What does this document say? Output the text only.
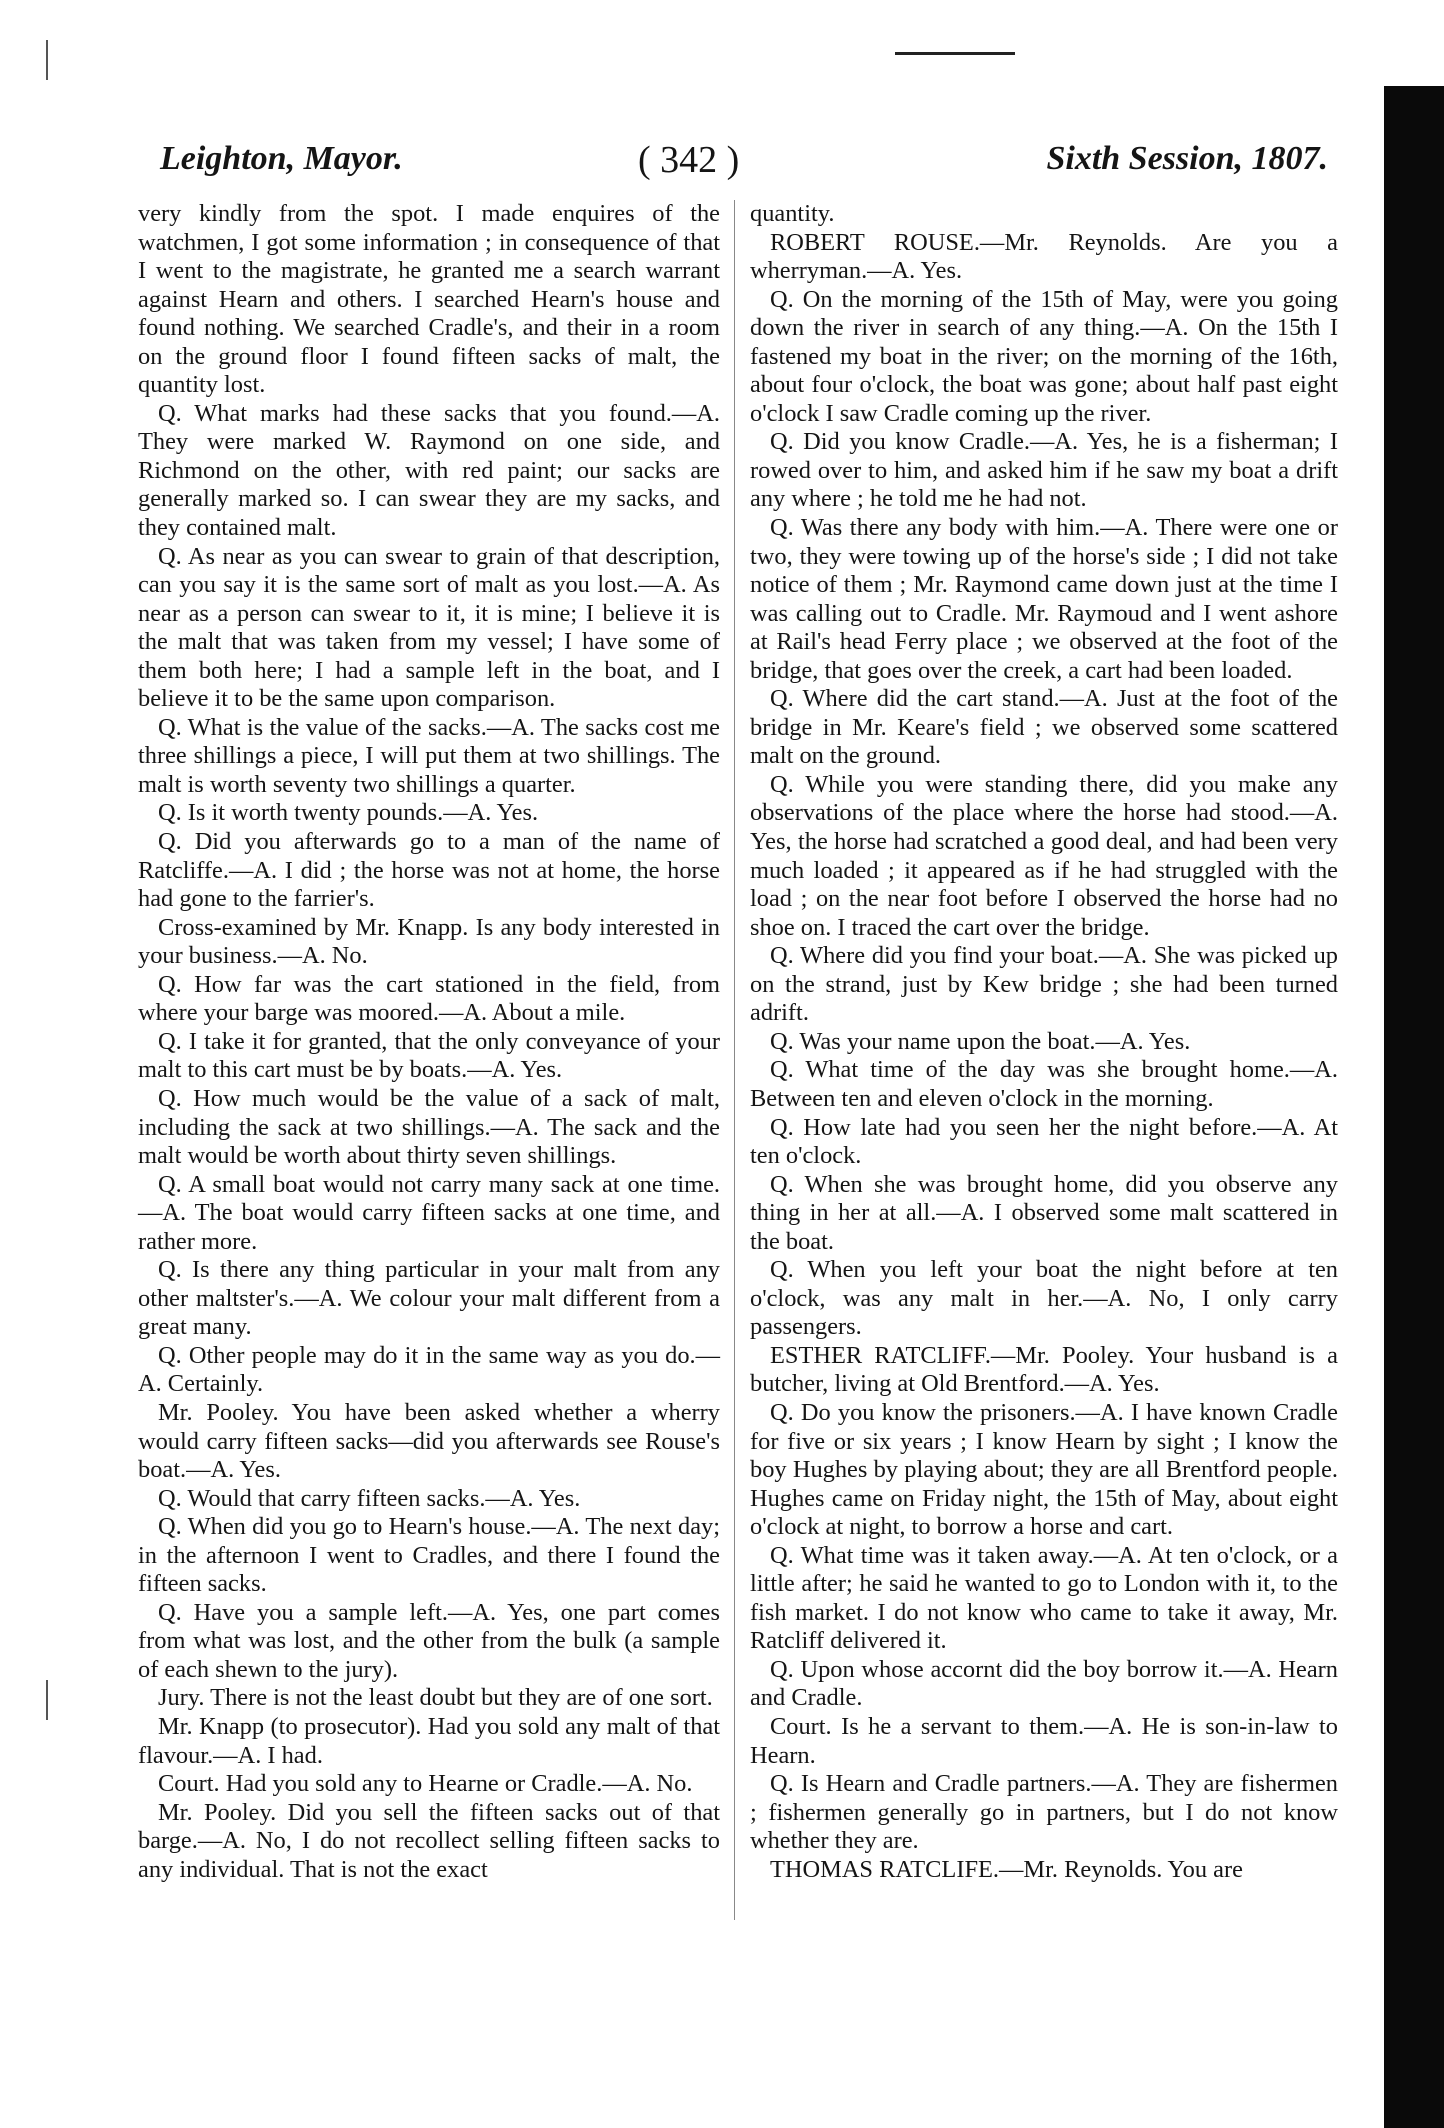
Leighton, Mayor.	( 342 )	Sixth Session, 1807.

very kindly from the spot. I made enquires of the watchmen, I got some information ; in consequence of that I went to the magistrate, he granted me a search warrant against Hearn and others. I searched Hearn's house and found nothing. We searched Cradle's, and their in a room on the ground floor I found fifteen sacks of malt, the quantity lost.

Q. What marks had these sacks that you found.—A. They were marked W. Raymond on one side, and Richmond on the other, with red paint; our sacks are generally marked so. I can swear they are my sacks, and they contained malt.

Q. As near as you can swear to grain of that description, can you say it is the same sort of malt as you lost.—A. As near as a person can swear to it, it is mine; I believe it is the malt that was taken from my vessel; I have some of them both here; I had a sample left in the boat, and I believe it to be the same upon comparison.

Q. What is the value of the sacks.—A. The sacks cost me three shillings a piece, I will put them at two shillings. The malt is worth seventy two shillings a quarter.

Q. Is it worth twenty pounds.—A. Yes.

Q. Did you afterwards go to a man of the name of Ratcliffe.—A. I did ; the horse was not at home, the horse had gone to the farrier's.

Cross-examined by Mr. Knapp. Is any body interested in your business.—A. No.

Q. How far was the cart stationed in the field, from where your barge was moored.—A. About a mile.

Q. I take it for granted, that the only conveyance of your malt to this cart must be by boats.—A. Yes.

Q. How much would be the value of a sack of malt, including the sack at two shillings.—A. The sack and the malt would be worth about thirty seven shillings.

Q. A small boat would not carry many sack at one time.—A. The boat would carry fifteen sacks at one time, and rather more.

Q. Is there any thing particular in your malt from any other maltster's.—A. We colour your malt different from a great many.

Q. Other people may do it in the same way as you do.—A. Certainly.

Mr. Pooley. You have been asked whether a wherry would carry fifteen sacks—did you afterwards see Rouse's boat.—A. Yes.

Q. Would that carry fifteen sacks.—A. Yes.

Q. When did you go to Hearn's house.—A. The next day; in the afternoon I went to Cradles, and there I found the fifteen sacks.

Q. Have you a sample left.—A. Yes, one part comes from what was lost, and the other from the bulk (a sample of each shewn to the jury).

Jury. There is not the least doubt but they are of one sort.

Mr. Knapp (to prosecutor). Had you sold any malt of that flavour.—A. I had.

Court. Had you sold any to Hearne or Cradle.—A. No.

Mr. Pooley. Did you sell the fifteen sacks out of that barge.—A. No, I do not recollect selling fifteen sacks to any individual. That is not the exact

quantity.

ROBERT ROUSE.—Mr. Reynolds. Are you a wherryman.—A. Yes.

Q. On the morning of the 15th of May, were you going down the river in search of any thing.—A. On the 15th I fastened my boat in the river; on the morning of the 16th, about four o'clock, the boat was gone; about half past eight o'clock I saw Cradle coming up the river.

Q. Did you know Cradle.—A. Yes, he is a fisherman; I rowed over to him, and asked him if he saw my boat a drift any where ; he told me he had not.

Q. Was there any body with him.—A. There were one or two, they were towing up of the horse's side ; I did not take notice of them ; Mr. Raymond came down just at the time I was calling out to Cradle. Mr. Raymoud and I went ashore at Rail's head Ferry place ; we observed at the foot of the bridge, that goes over the creek, a cart had been loaded.

Q. Where did the cart stand.—A. Just at the foot of the bridge in Mr. Keare's field ; we observed some scattered malt on the ground.

Q. While you were standing there, did you make any observations of the place where the horse had stood.—A. Yes, the horse had scratched a good deal, and had been very much loaded ; it appeared as if he had struggled with the load ; on the near foot before I observed the horse had no shoe on. I traced the cart over the bridge.

Q. Where did you find your boat.—A. She was picked up on the strand, just by Kew bridge ; she had been turned adrift.

Q. Was your name upon the boat.—A. Yes.

Q. What time of the day was she brought home.—A. Between ten and eleven o'clock in the morning.

Q. How late had you seen her the night before.—A. At ten o'clock.

Q. When she was brought home, did you observe any thing in her at all.—A. I observed some malt scattered in the boat.

Q. When you left your boat the night before at ten o'clock, was any malt in her.—A. No, I only carry passengers.

ESTHER RATCLIFF.—Mr. Pooley. Your husband is a butcher, living at Old Brentford.—A. Yes.

Q. Do you know the prisoners.—A. I have known Cradle for five or six years ; I know Hearn by sight ; I know the boy Hughes by playing about; they are all Brentford people. Hughes came on Friday night, the 15th of May, about eight o'clock at night, to borrow a horse and cart.

Q. What time was it taken away.—A. At ten o'clock, or a little after; he said he wanted to go to London with it, to the fish market. I do not know who came to take it away, Mr. Ratcliff delivered it.

Q. Upon whose accornt did the boy borrow it.—A. Hearn and Cradle.

Court. Is he a servant to them.—A. He is son-in-law to Hearn.

Q. Is Hearn and Cradle partners.—A. They are fishermen ; fishermen generally go in partners, but I do not know whether they are.

THOMAS RATCLIFE.—Mr. Reynolds. You are
